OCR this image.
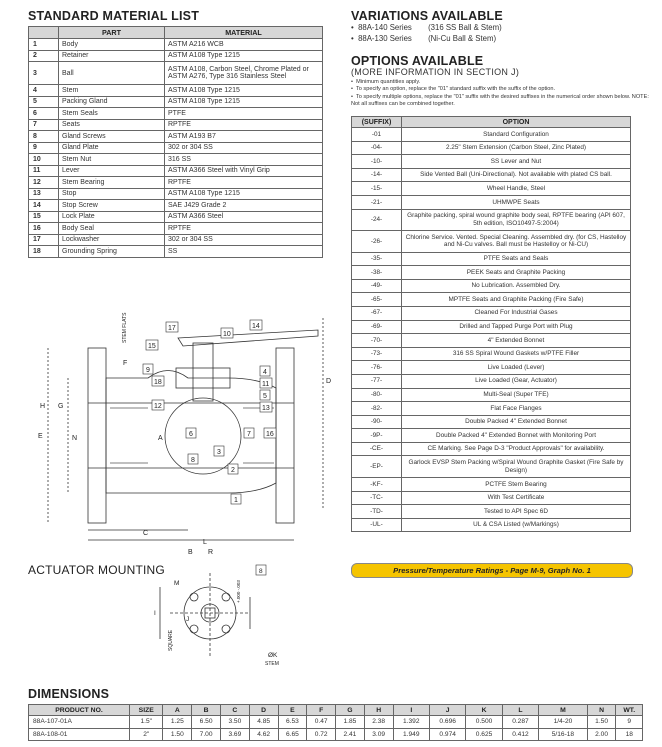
STANDARD MATERIAL LIST	VARIATIONS AVAILABLE
OPTIONS AVAILABLE
(MORE INFORMATION IN SECTION J)
ACTUATOR MOUNTING
DIMENSIONS
	PART	MATERIAL
1	Body	ASTM A216 WCB
2	Retainer	ASTM A108 Type 1215
3	Ball	ASTM A108, Carbon Steel, Chrome Plated or ASTM A276, Type 316 Stainless Steel
4	Stem	ASTM A108 Type 1215
5	Packing Gland	ASTM A108 Type 1215
6	Stem Seals	PTFE
7	Seats	RPTFE
8	Gland Screws	ASTM A193 B7
9	Gland Plate	302 or 304 SS
10	Stem Nut	316 SS
11	Lever	ASTM A366 Steel with Vinyl Grip
12	Stem Bearing	RPTFE
13	Stop	ASTM A108 Type 1215
14	Stop Screw	SAE J429 Grade 2
15	Lock Plate	ASTM A366 Steel
16	Body Seal	RPTFE
17	Lockwasher	302 or 304 SS
18	Grounding Spring	SS
•  88A-140 Series (316 SS Ball & Stem)
•  88A-130 Series (Ni-Cu Ball & Stem)
•  Minimum quantities apply.
•  To specify an option, replace the "01" standard suffix with the suffix of the option.
•  To specify multiple options, replace the "01" suffix with the desired suffixes in the numerical order shown below. NOTE: Not all suffixes can be combined together.
(SUFFIX)	OPTION
-01	Standard Configuration
-04-	2.25" Stem Extension (Carbon Steel, Zinc Plated)
-10-	SS Lever and Nut
-14-	Side Vented Ball (Uni-Directional). Not available with plated CS ball.
-15-	Wheel Handle, Steel
-21-	UHMWPE Seats
-24-	Graphite packing, spiral wound graphite body seal, RPTFE bearing (API 607, 5th edition, ISO10497-5:2004)
-26-	Chlorine Service. Vented. Special Cleaning. Assembled dry. (for CS, Hastelloy and Ni-Cu valves. Ball must be Hastelloy or Ni-CU)
-35-	PTFE Seats and Seals
-38-	PEEK Seats and Graphite Packing
-49-	No Lubrication. Assembled Dry.
-65-	MPTFE Seats and Graphite Packing (Fire Safe)
-67-	Cleaned For Industrial Gases
-69-	Drilled and Tapped Purge Port with Plug
-70-	4" Extended Bonnet
-73-	316 SS Spiral Wound Gaskets w/PTFE Filler
-76-	Live Loaded (Lever)
-77-	Live Loaded (Gear, Actuator)
-80-	Multi-Seal (Super TFE)
-82-	Flat Face Flanges
-90-	Double Packed 4" Extended Bonnet
-9P-	Double Packed 4" Extended Bonnet with Monitoring Port
-CE-	CE Marking. See Page D-3 "Product Approvals" for availability.
-EP-	Garlock EVSP Stem Packing w/Spiral Wound Graphite Gasket (Fire Safe by Design)
-KF-	PCTFE Stem Bearing
-TC-	With Test Certificate
-TD-	Tested to API Spec 6D
-UL-	UL & CSA Listed (w/Markings)
Pressure/Temperature Ratings - Page M-9, Graph No. 1
17
10
14
15
9
18
12
4
11
5
13
6	7 16
3
8
2
1
STEM FLATS
F
B
C
D
A
E
G
H
N
L
R
8
M
J
SQUARE
+.000 -.003
ØK
STEM
I
PRODUCT NO.	SIZE	A	B	C	D	E	F	G	H	I	J	K	L	M	N	WT.
88A-107-01A	1.5"	1.25	6.50	3.50	4.85	6.53	0.47	1.85	2.38	1.392	0.696	0.500	0.287	1/4-20	1.50	9
88A-108-01	2"	1.50	7.00	3.69	4.62	6.65	0.72	2.41	3.09	1.949	0.974	0.625	0.412	5/16-18	2.00	18
